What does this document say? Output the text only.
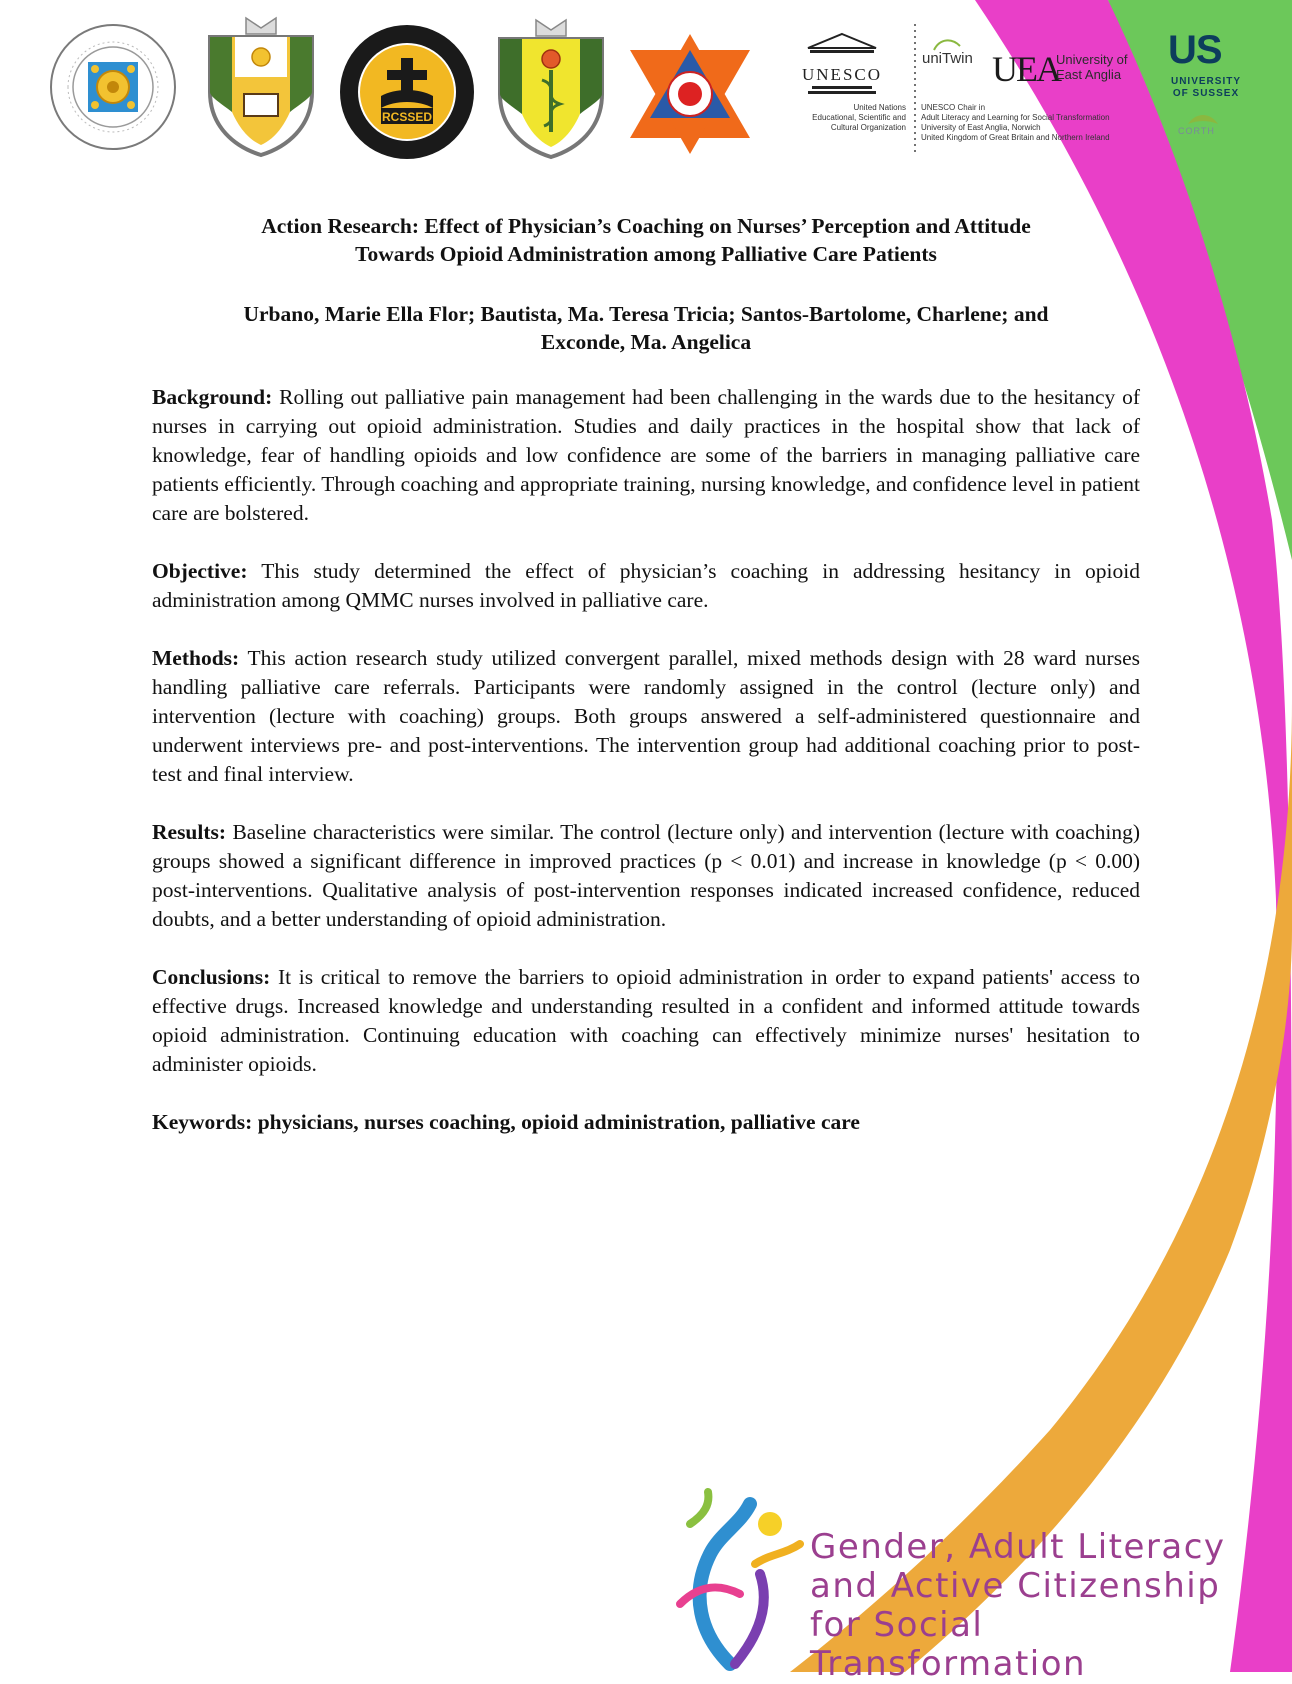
RCSSED
UNESCO
United Nations
Educational, Scientific and
Cultural Organization
uniTwin
UNESCO Chair in
Adult Literacy and Learning for Social Transformation
University of East Anglia, Norwich
United Kingdom of Great Britain and Northern Ireland
UEA
University of
East Anglia
US
UNIVERSITY
OF SUSSEX
CORTH
Action Research: Effect of Physician’s Coaching on Nurses’ Perception and Attitude
Towards Opioid Administration among Palliative Care Patients
Urbano, Marie Ella Flor; Bautista, Ma. Teresa Tricia; Santos-Bartolome, Charlene; and
Exconde, Ma. Angelica

Background: Rolling out palliative pain management had been challenging in the wards due to the hesitancy of nurses in carrying out opioid administration. Studies and daily practices in the hospital show that lack of knowledge, fear of handling opioids and low confidence are some of the barriers in managing palliative care patients efficiently. Through coaching and appropriate training, nursing knowledge, and confidence level in patient care are bolstered.

Objective: This study determined the effect of physician’s coaching in addressing hesitancy in opioid administration among QMMC nurses involved in palliative care.

Methods: This action research study utilized convergent parallel, mixed methods design with 28 ward nurses handling palliative care referrals. Participants were randomly assigned in the control (lecture only) and intervention (lecture with coaching) groups. Both groups answered a self-administered questionnaire and underwent interviews pre- and post-interventions. The intervention group had additional coaching prior to post-test and final interview.

Results: Baseline characteristics were similar. The control (lecture only) and intervention (lecture with coaching) groups showed a significant difference in improved practices (p < 0.01) and increase in knowledge (p < 0.00) post-interventions. Qualitative analysis of post-intervention responses indicated increased confidence, reduced doubts, and a better understanding of opioid administration.

Conclusions: It is critical to remove the barriers to opioid administration in order to expand patients' access to effective drugs. Increased knowledge and understanding resulted in a confident and informed attitude towards opioid administration. Continuing education with coaching can effectively minimize nurses' hesitation to administer opioids.

Keywords: physicians, nurses coaching, opioid administration, palliative care

Gender, Adult Literacy
and Active Citizenship
for Social Transformation
